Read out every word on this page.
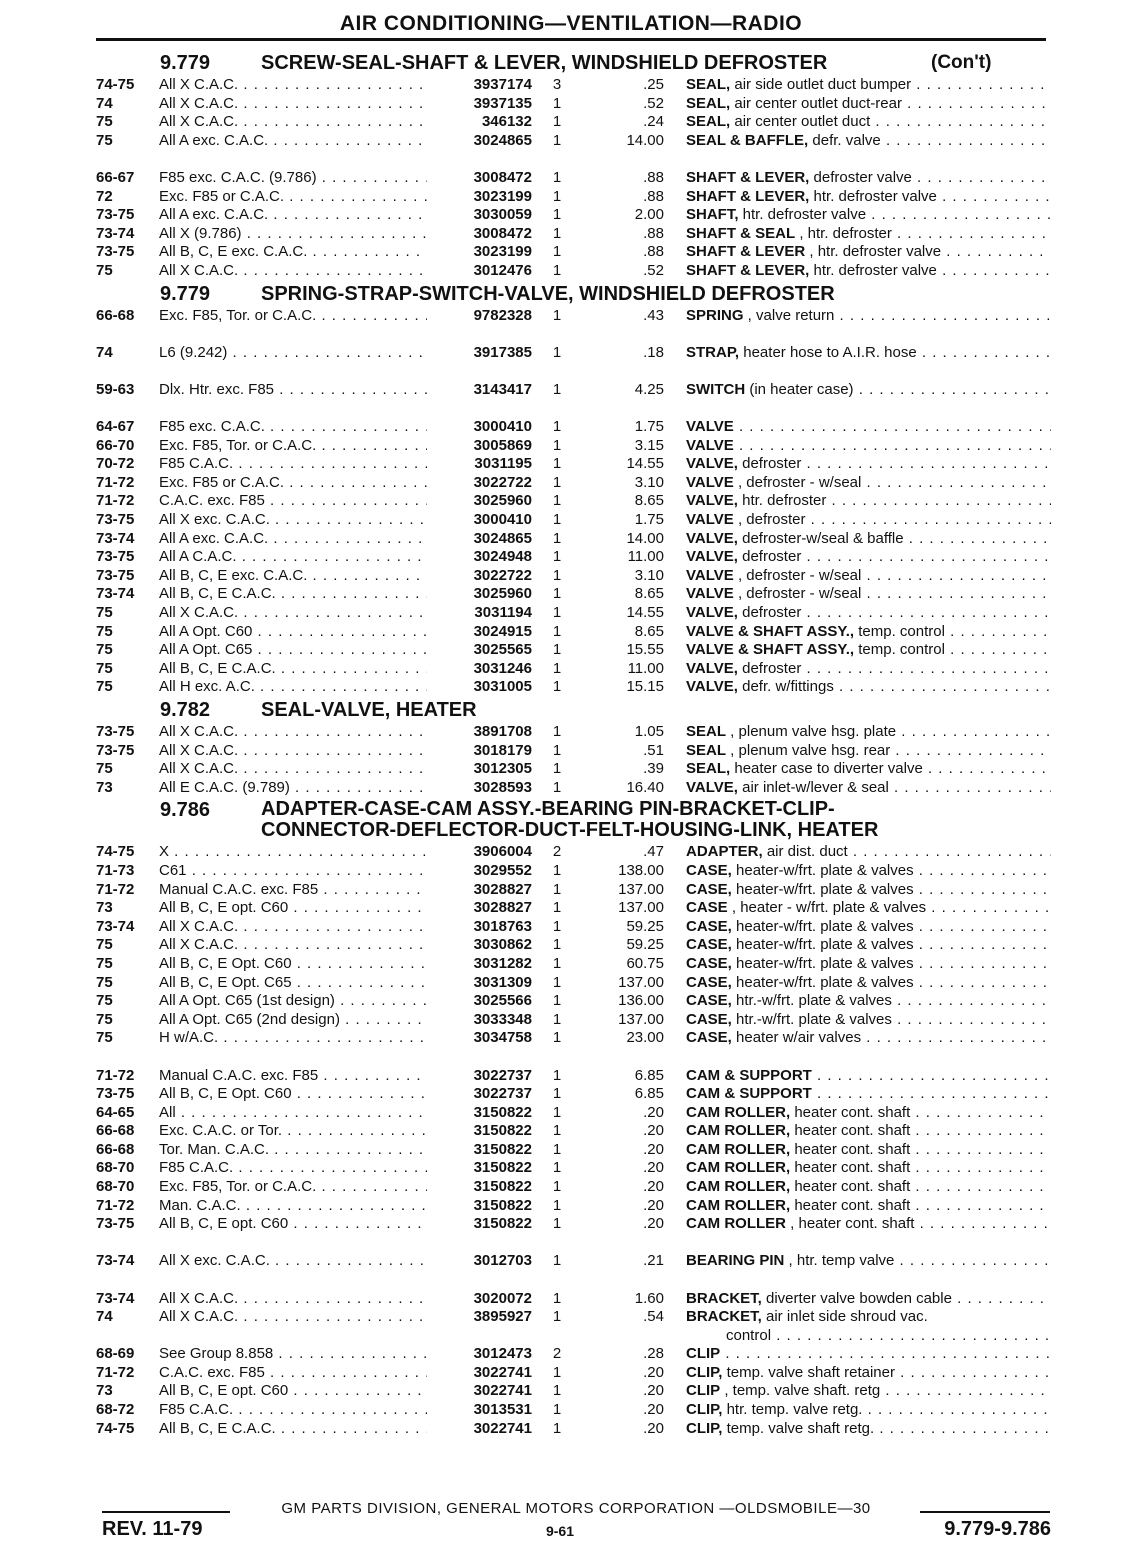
AIR CONDITIONING—VENTILATION—RADIO
9.779	SCREW-SEAL-SHAFT & LEVER, WINDSHIELD DEFROSTER	(Con't)
74-75	All X C.A.C. . . .	3937174 3	.25 SEAL, air side outlet duct bumper . . .
74	All X C.A.C. . . .	3937135 1	.52 SEAL, air center outlet duct-rear . . .
75	All X C.A.C. . . .	346132 1	.24 SEAL, air center outlet duct . . .
75	All A exc. C.A.C. . . .	3024865 1	14.00 SEAL & BAFFLE, defr. valve . . .
66-67	F85 exc. C.A.C. (9.786) . . .	3008472 1	.88 SHAFT & LEVER, defroster valve . . .
72	Exc. F85 or C.A.C. . . .	3023199 1	.88 SHAFT & LEVER, htr. defroster valve . . .
73-75	All A exc. C.A.C. . . .	3030059 1	2.00 SHAFT, htr. defroster valve . . .
73-74	All X (9.786) . . .	3008472 1	.88 SHAFT & SEAL , htr. defroster . . .
73-75	All B, C, E exc. C.A.C. . . .	3023199 1	.88 SHAFT & LEVER , htr. defroster valve . . .
75	All X C.A.C. . . .	3012476 1	.52 SHAFT & LEVER, htr. defroster valve . . .
9.779	SPRING-STRAP-SWITCH-VALVE, WINDSHIELD DEFROSTER
66-68	Exc. F85, Tor. or C.A.C. . . .	9782328 1	.43 SPRING , valve return . . .
74	L6 (9.242) . . .	3917385 1	.18 STRAP, heater hose to A.I.R. hose . . .
59-63	Dlx. Htr. exc. F85 . . .	3143417 1	4.25 SWITCH (in heater case) . . .
64-67	F85 exc. C.A.C. . . .	3000410 1	1.75 VALVE . . .
66-70	Exc. F85, Tor. or C.A.C. . . .	3005869 1	3.15 VALVE . . .
70-72	F85 C.A.C. . . .	3031195 1	14.55 VALVE, defroster . . .
71-72	Exc. F85 or C.A.C. . . .	3022722 1	3.10 VALVE , defroster - w/seal . . .
71-72	C.A.C. exc. F85 . . .	3025960 1	8.65 VALVE, htr. defroster . . .
73-75	All X exc. C.A.C. . . .	3000410 1	1.75 VALVE , defroster . . .
73-74	All A exc. C.A.C. . . .	3024865 1	14.00 VALVE, defroster-w/seal & baffle . . .
73-75	All A C.A.C. . . .	3024948 1	11.00 VALVE, defroster . . .
73-75	All B, C, E exc. C.A.C. . . .	3022722 1	3.10 VALVE , defroster - w/seal . . .
73-74	All B, C, E C.A.C. . . .	3025960 1	8.65 VALVE , defroster - w/seal . . .
75	All X C.A.C. . . .	3031194 1	14.55 VALVE, defroster . . .
75	All A Opt. C60 . . .	3024915 1	8.65 VALVE & SHAFT ASSY., temp. control . . .
75	All A Opt. C65 . . .	3025565 1	15.55 VALVE & SHAFT ASSY., temp. control . . .
75	All B, C, E C.A.C. . . .	3031246 1	11.00 VALVE, defroster . . .
75	All H exc. A.C. . . .	3031005 1	15.15 VALVE, defr. w/fittings . . .
9.782	SEAL-VALVE, HEATER
73-75	All X C.A.C. . . .	3891708 1	1.05 SEAL , plenum valve hsg. plate . . .
73-75	All X C.A.C. . . .	3018179 1	.51 SEAL , plenum valve hsg. rear . . .
75	All X C.A.C. . . .	3012305 1	.39 SEAL, heater case to diverter valve . . .
73	All E C.A.C. (9.789) . . .	3028593 1	16.40 VALVE, air inlet-w/lever & seal . . .
9.786	ADAPTER-CASE-CAM ASSY.-BEARING PIN-BRACKET-CLIP-
CONNECTOR-DEFLECTOR-DUCT-FELT-HOUSING-LINK, HEATER
74-75	X . . .	3906004 2	.47 ADAPTER, air dist. duct . . .
71-73	C61 . . .	3029552 1	138.00 CASE, heater-w/frt. plate & valves . . .
71-72	Manual C.A.C. exc. F85 . . .	3028827 1	137.00 CASE, heater-w/frt. plate & valves . . .
73	All B, C, E opt. C60 . . .	3028827 1	137.00 CASE , heater - w/frt. plate & valves . . .
73-74	All X C.A.C. . . .	3018763 1	59.25 CASE, heater-w/frt. plate & valves . . .
75	All X C.A.C. . . .	3030862 1	59.25 CASE, heater-w/frt. plate & valves . . .
75	All B, C, E Opt. C60 . . .	3031282 1	60.75 CASE, heater-w/frt. plate & valves . . .
75	All B, C, E Opt. C65 . . .	3031309 1	137.00 CASE, heater-w/frt. plate & valves . . .
75	All A Opt. C65 (1st design) . . .	3025566 1	136.00 CASE, htr.-w/frt. plate & valves . . .
75	All A Opt. C65 (2nd design) . . .	3033348 1	137.00 CASE, htr.-w/frt. plate & valves . . .
75	H w/A.C. . . .	3034758 1	23.00 CASE, heater w/air valves . . .
71-72	Manual C.A.C. exc. F85 . . .	3022737 1	6.85 CAM & SUPPORT . . .
73-75	All B, C, E Opt. C60 . . .	3022737 1	6.85 CAM & SUPPORT . . .
64-65	All . . .	3150822 1	.20 CAM ROLLER, heater cont. shaft . . .
66-68	Exc. C.A.C. or Tor. . . .	3150822 1	.20 CAM ROLLER, heater cont. shaft . . .
66-68	Tor. Man. C.A.C. . . .	3150822 1	.20 CAM ROLLER, heater cont. shaft . . .
68-70	F85 C.A.C. . . .	3150822 1	.20 CAM ROLLER, heater cont. shaft . . .
68-70	Exc. F85, Tor. or C.A.C. . . .	3150822 1	.20 CAM ROLLER, heater cont. shaft . . .
71-72	Man. C.A.C. . . .	3150822 1	.20 CAM ROLLER, heater cont. shaft . . .
73-75	All B, C, E opt. C60 . . .	3150822 1	.20 CAM ROLLER , heater cont. shaft . . .
73-74	All X exc. C.A.C. . . .	3012703 1	.21 BEARING PIN , htr. temp valve . . .
73-74	All X C.A.C. . . .	3020072 1	1.60 BRACKET, diverter valve bowden cable . . .
74	All X C.A.C. . . .	3895927 1	.54 BRACKET, air inlet side shroud vac.
control . . .
68-69	See Group 8.858 . . .	3012473 2	.28 CLIP . . .
71-72	C.A.C. exc. F85 . . .	3022741 1	.20 CLIP, temp. valve shaft retainer . . .
73	All B, C, E opt. C60 . . .	3022741 1	.20 CLIP , temp. valve shaft. retg . . .
68-72	F85 C.A.C. . . .	3013531 1	.20 CLIP, htr. temp. valve retg. . . .
74-75	All B, C, E C.A.C. . . .	3022741 1	.20 CLIP, temp. valve shaft retg. . . .
GM PARTS DIVISION, GENERAL MOTORS CORPORATION —OLDSMOBILE—30
REV. 11-79	9-61	9.779-9.786
